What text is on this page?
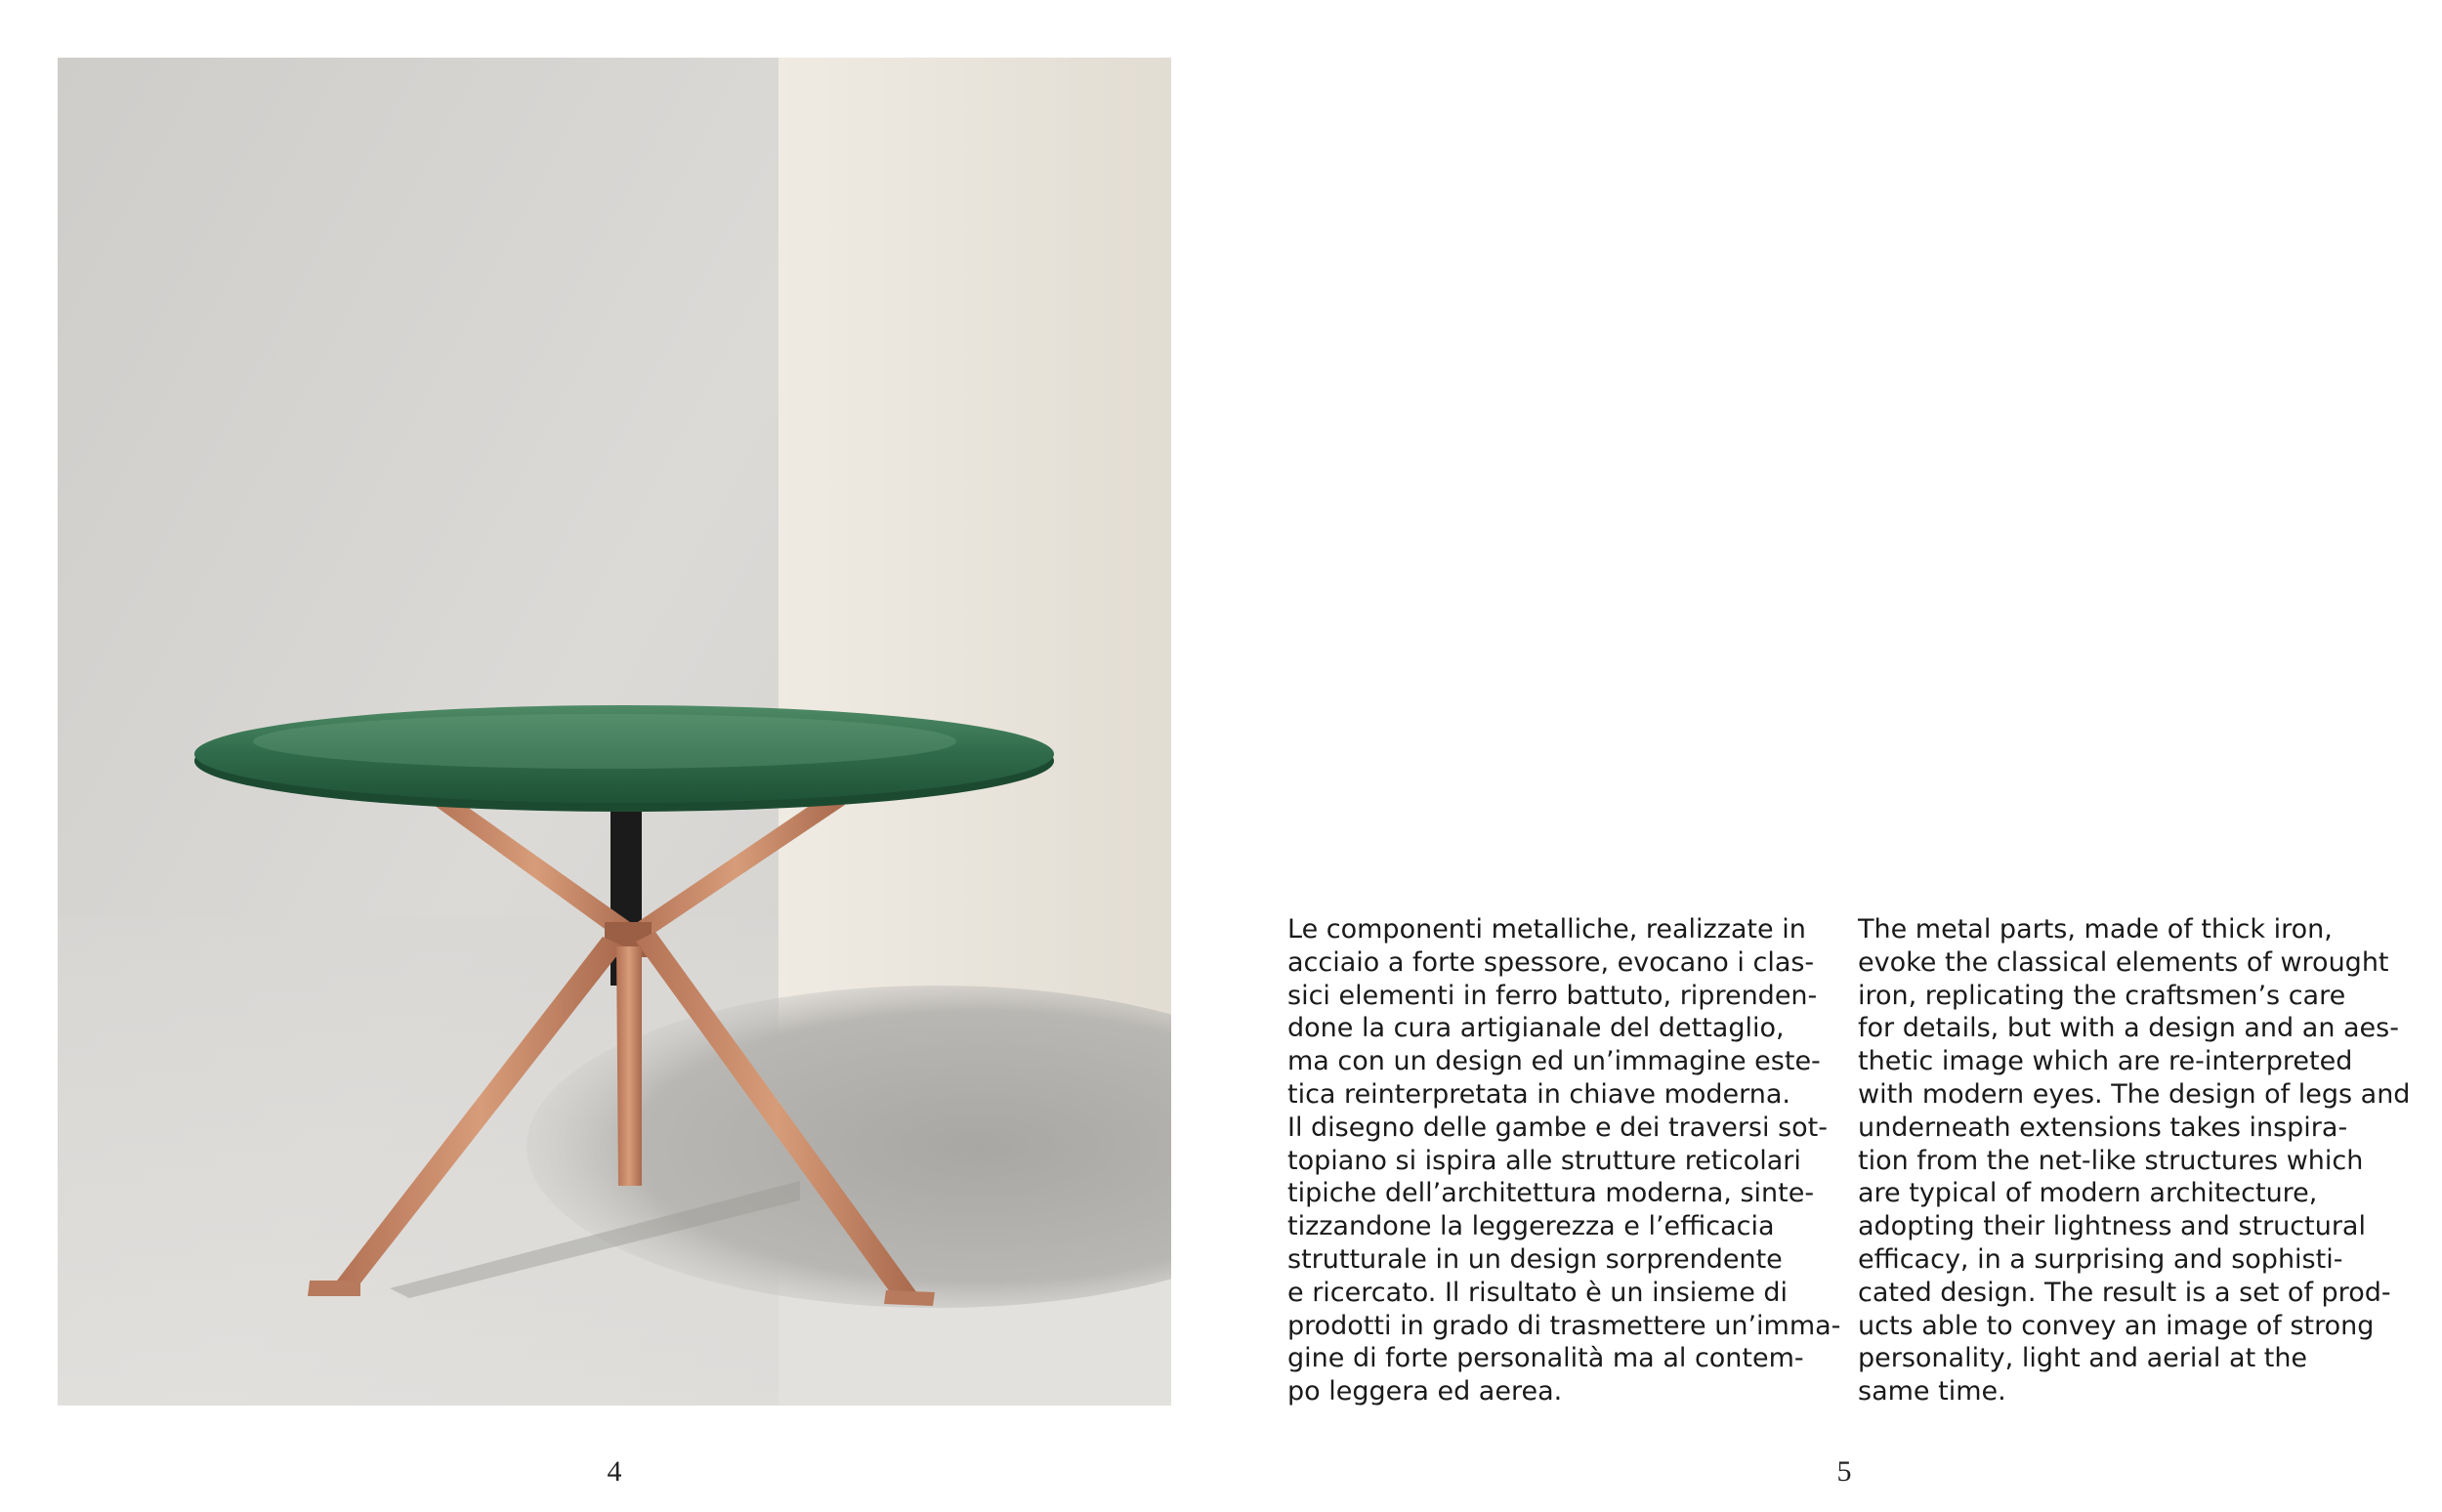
Le componenti metalliche, realizzate in
acciaio a forte spessore, evocano i clas-
sici elementi in ferro battuto, riprenden-
done la cura artigianale del dettaglio,
ma con un design ed un’immagine este-
tica reinterpretata in chiave moderna.
Il disegno delle gambe e dei traversi sot-
topiano si ispira alle strutture reticolari
tipiche dell’architettura moderna, sinte-
tizzandone la leggerezza e l’efficacia
strutturale in un design sorprendente
e ricercato. Il risultato è un insieme di
prodotti in grado di trasmettere un’imma-
gine di forte personalità ma al contem-
po leggera ed aerea.
The metal parts, made of thick iron,
evoke the classical elements of wrought
iron, replicating the craftsmen’s care
for details, but with a design and an aes-
thetic image which are re-interpreted
with modern eyes. The design of legs and
underneath extensions takes inspira-
tion from the net-like structures which
are typical of modern architecture,
adopting their lightness and structural
efficacy, in a surprising and sophisti-
cated design. The result is a set of prod-
ucts able to convey an image of strong
personality, light and aerial at the
same time.
4	5
